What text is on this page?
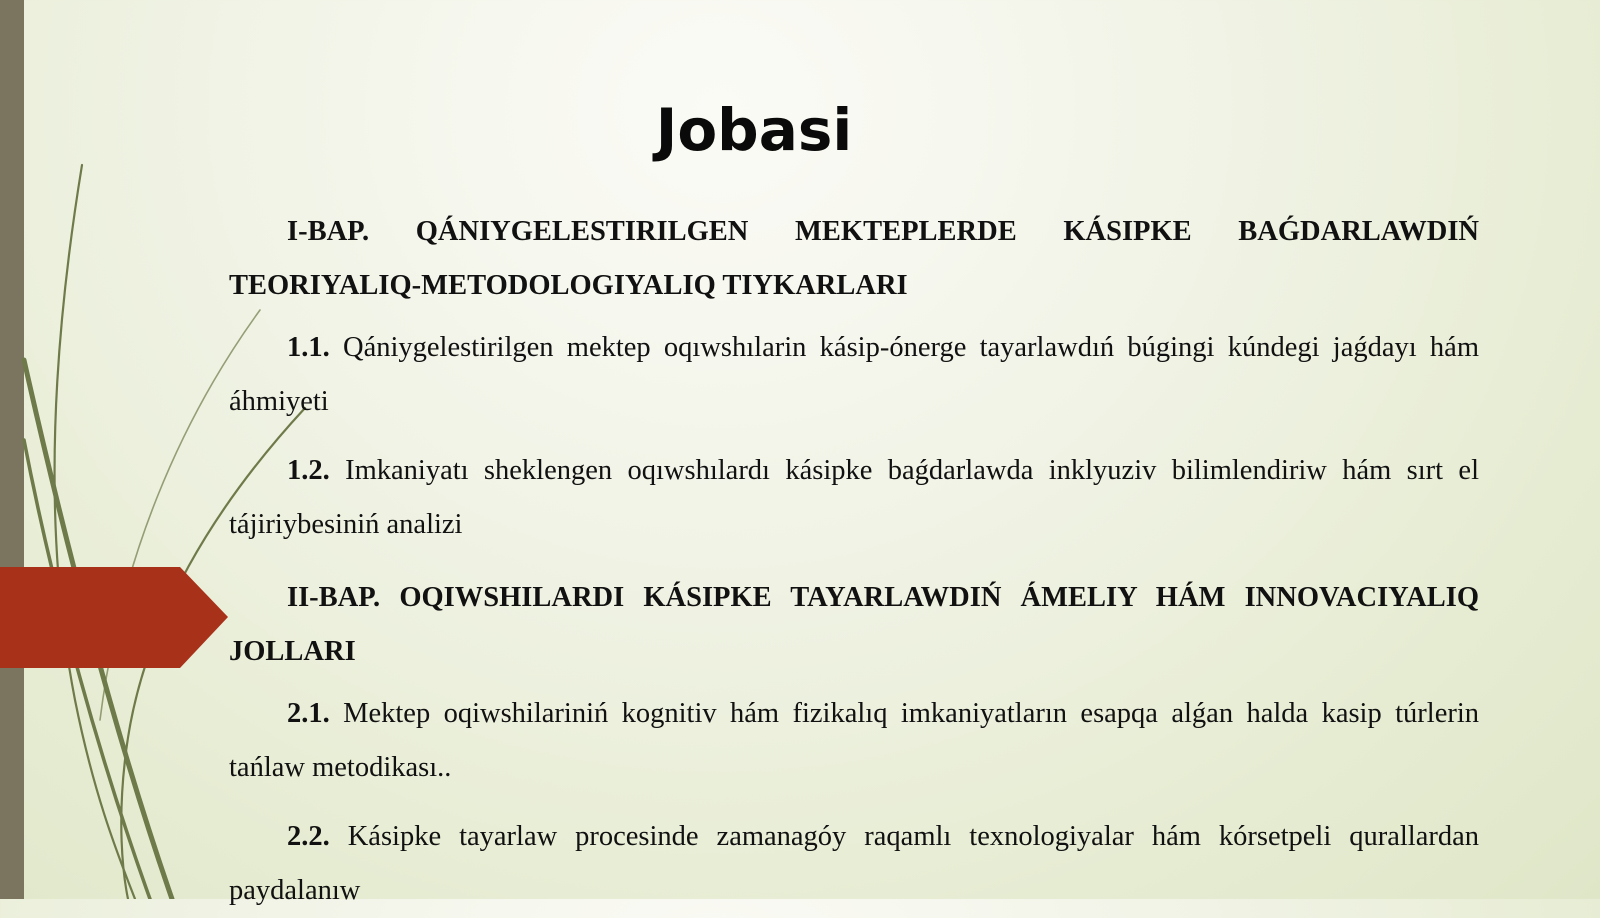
Jobasi

I-BAP. QÁNIYGELESTIRILGEN MEKTEPLERDE KÁSIPKE BAǴDARLAWDIŃ TEORIYALIQ-METODOLOGIYALIQ TIYKARLARI

1.1. Qániygelestirilgen mektep oqıwshılarin kásip-ónerge tayarlawdıń búgingi kúndegi jaǵdayı hám áhmiyeti

1.2. Imkaniyatı sheklengen oqıwshılardı kásipke baǵdarlawda inklyuziv bilimlendiriw hám sırt el tájiriybesiniń analizi

II-BAP. OQIWSHILARDI KÁSIPKE TAYARLAWDIŃ ÁMELIY HÁM INNOVACIYALIQ JOLLARI

2.1. Mektep oqiwshilariniń kognitiv hám fizikalıq imkaniyatların esapqa alǵan halda kasip túrlerin tańlaw metodikası..

2.2. Kásipke tayarlaw procesinde zamanagóy raqamlı texnologiyalar hám kórsetpeli qurallardan paydalanıw
